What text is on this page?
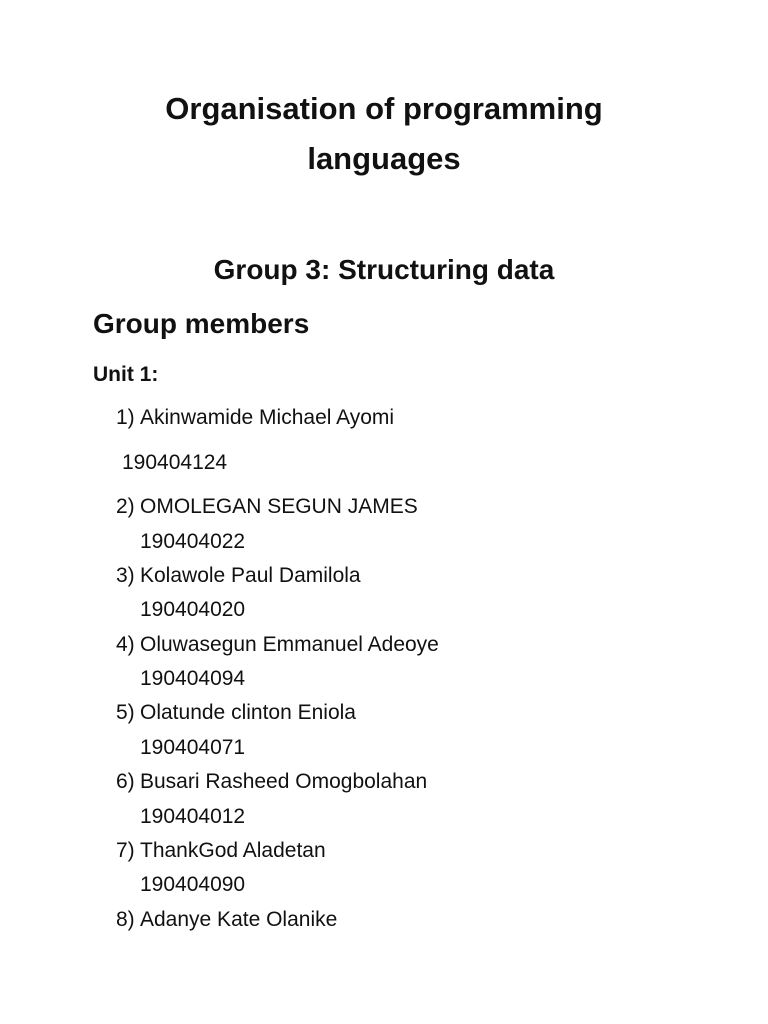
Organisation of programming
languages
Group 3: Structuring data
Group members
Unit 1:
1) Akinwamide Michael Ayomi
190404124
2) OMOLEGAN SEGUN JAMES
190404022
3) Kolawole Paul Damilola
190404020
4) Oluwasegun Emmanuel Adeoye
190404094
5) Olatunde clinton Eniola
190404071
6) Busari Rasheed Omogbolahan
190404012
7) ThankGod Aladetan
190404090
8) Adanye Kate Olanike
